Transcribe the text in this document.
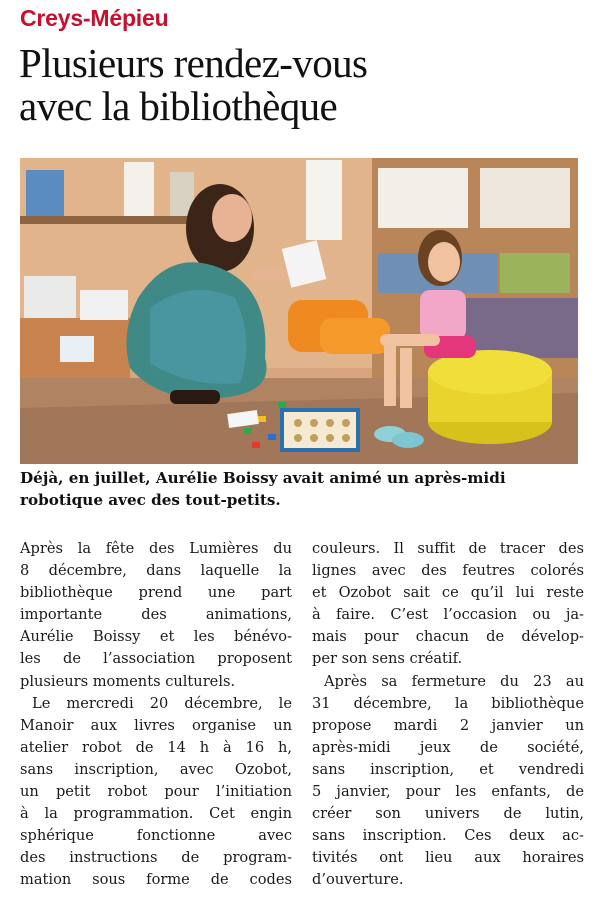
Creys-Mépieu
Plusieurs rendez-vous
avec la bibliothèque
Déjà, en juillet, Aurélie Boissy avait animé un après-midi
robotique avec des tout-petits.

Après la fête des Lumières du
8 décembre, dans laquelle la
bibliothèque prend une part
importante des animations,
Aurélie Boissy et les bénévo-
les de l’association proposent
plusieurs moments culturels.

Le mercredi 20 décembre, le
Manoir aux livres organise un
atelier robot de 14 h à 16 h,
sans inscription, avec Ozobot,
un petit robot pour l’initiation
à la programmation. Cet engin
sphérique fonctionne avec
des instructions de program-
mation sous forme de codes

couleurs. Il suffit de tracer des
lignes avec des feutres colorés
et Ozobot sait ce qu’il lui reste
à faire. C’est l’occasion ou ja-
mais pour chacun de dévelop-
per son sens créatif.

Après sa fermeture du 23 au
31 décembre, la bibliothèque
propose mardi 2 janvier un
après-midi jeux de société,
sans inscription, et vendredi
5 janvier, pour les enfants, de
créer son univers de lutin,
sans inscription. Ces deux ac-
tivités ont lieu aux horaires
d’ouverture.
